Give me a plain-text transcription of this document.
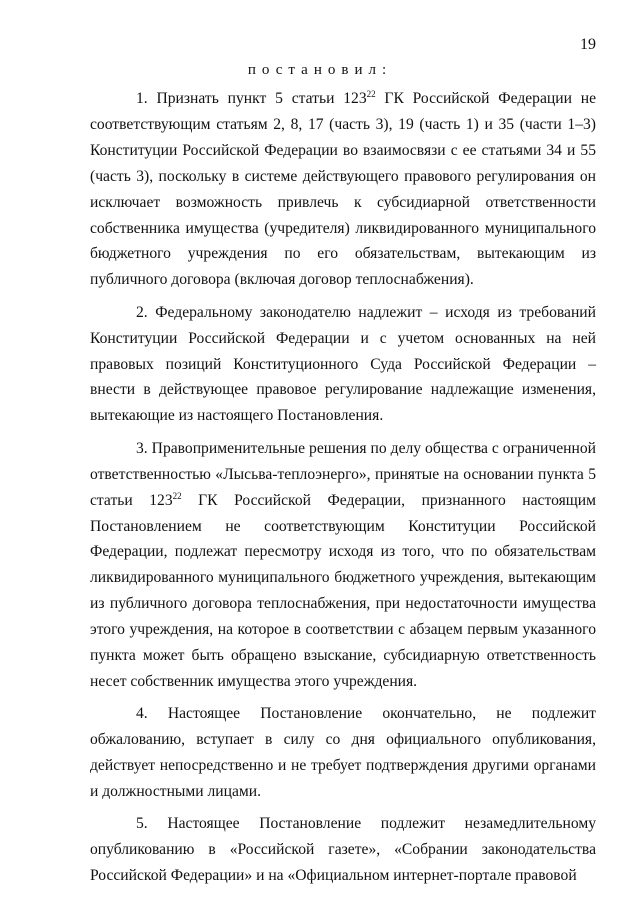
19
постановил:

1. Признать пункт 5 статьи $123^{22}$ ГК Российской Федерации не соответствующим статьям 2, 8, 17 (часть 3), 19 (часть 1) и 35 (части 1–3) Конституции Российской Федерации во взаимосвязи с ее статьями 34 и 55 (часть 3), поскольку в системе действующего правового регулирования он исключает возможность привлечь к субсидиарной ответственности собственника имущества (учредителя) ликвидированного муниципального бюджетного учреждения по его обязательствам, вытекающим из публичного договора (включая договор теплоснабжения).

2. Федеральному законодателю надлежит – исходя из требований Конституции Российской Федерации и с учетом основанных на ней правовых позиций Конституционного Суда Российской Федерации – внести в действующее правовое регулирование надлежащие изменения, вытекающие из настоящего Постановления.

3. Правоприменительные решения по делу общества с ограниченной ответственностью «Лысьва-теплоэнерго», принятые на основании пункта 5 статьи $123^{22}$ ГК Российской Федерации, признанного настоящим Постановлением не соответствующим Конституции Российской Федерации, подлежат пересмотру исходя из того, что по обязательствам ликвидированного муниципального бюджетного учреждения, вытекающим из публичного договора теплоснабжения, при недостаточности имущества этого учреждения, на которое в соответствии с абзацем первым указанного пункта может быть обращено взыскание, субсидиарную ответственность несет собственник имущества этого учреждения.

4. Настоящее Постановление окончательно, не подлежит обжалованию, вступает в силу со дня официального опубликования, действует непосредственно и не требует подтверждения другими органами и должностными лицами.

5. Настоящее Постановление подлежит незамедлительному опубликованию в «Российской газете», «Собрании законодательства Российской Федерации» и на «Официальном интернет-портале правовой
